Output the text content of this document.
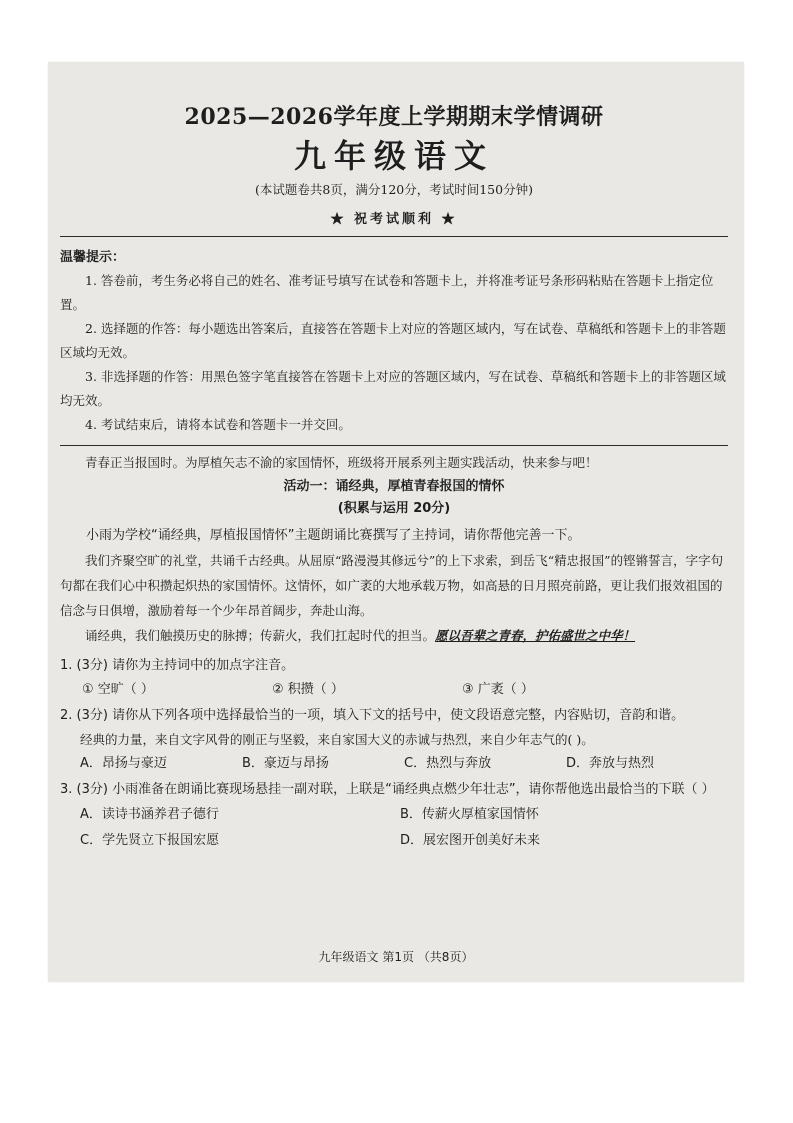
2025—2026学年度上学期期末学情调研
九年级语文
(本试题卷共8页，满分120分，考试时间150分钟)
★ 祝考试顺利 ★
温馨提示：

1. 答卷前，考生务必将自己的姓名、准考证号填写在试卷和答题卡上，并将准考证号条形码粘贴在答题卡上指定位置。

2. 选择题的作答：每小题选出答案后，直接答在答题卡上对应的答题区域内，写在试卷、草稿纸和答题卡上的非答题区域均无效。

3. 非选择题的作答：用黑色签字笔直接答在答题卡上对应的答题区域内，写在试卷、草稿纸和答题卡上的非答题区域均无效。

4. 考试结束后，请将本试卷和答题卡一并交回。

青春正当报国时。为厚植矢志不渝的家国情怀，班级将开展系列主题实践活动，快来参与吧！

活动一：诵经典，厚植青春报国的情怀
(积累与运用 20分)

小雨为学校“诵经典，厚植报国情怀”主题朗诵比赛撰写了主持词，请你帮他完善一下。

我们齐聚空旷的礼堂，共诵千古经典。从屈原“路漫漫其修远兮”的上下求索，到岳飞“精忠报国”的铿锵誓言，字字句句都在我们心中积攒起炽热的家国情怀。这情怀，如广袤的大地承载万物，如高悬的日月照亮前路，更让我们报效祖国的信念与日俱增，激励着每一个少年昂首阔步，奔赴山海。

诵经典，我们触摸历史的脉搏；传薪火，我们扛起时代的担当。愿以吾辈之青春，护佑盛世之中华！

1. (3分) 请你为主持词中的加点字注音。
① 空旷（ ）	② 积攒（ ）	③ 广袤（ ）
2. (3分) 请你从下列各项中选择最恰当的一项，填入下文的括号中，使文段语意完整，内容贴切，音韵和谐。
经典的力量，来自文字风骨的刚正与坚毅，来自家国大义的赤诚与热烈，来自少年志气的( )。
A．昂扬与豪迈	B．豪迈与昂扬	C．热烈与奔放	D．奔放与热烈
3. (3分) 小雨准备在朗诵比赛现场悬挂一副对联，上联是“诵经典点燃少年壮志”，请你帮他选出最恰当的下联（ ）
A．读诗书涵养君子德行	B．传薪火厚植家国情怀
C．学先贤立下报国宏愿	D．展宏图开创美好未来
九年级语文 第1页 （共8页）
